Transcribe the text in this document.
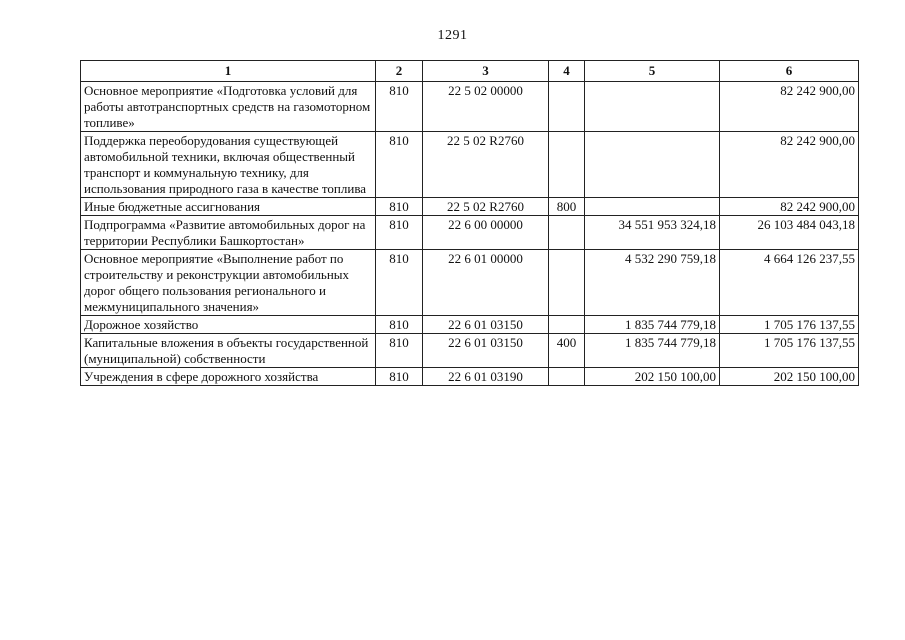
1291
1	2	3	4	5	6
Основное мероприятие «Подготовка условий для работы автотранспортных средств на газомоторном топливе»	810	22 5 02 00000			82 242 900,00
Поддержка переоборудования существующей автомобильной техники, включая общественный транспорт и коммунальную технику, для использования природного газа в качестве топлива	810	22 5 02 R2760			82 242 900,00
Иные бюджетные ассигнования	810	22 5 02 R2760	800		82 242 900,00
Подпрограмма «Развитие автомобильных дорог на территории Республики Башкортостан»	810	22 6 00 00000		34 551 953 324,18	26 103 484 043,18
Основное мероприятие «Выполнение работ по строительству и реконструкции автомобильных дорог общего пользования регионального и межмуниципального значения»	810	22 6 01 00000		4 532 290 759,18	4 664 126 237,55
Дорожное хозяйство	810	22 6 01 03150		1 835 744 779,18	1 705 176 137,55
Капитальные вложения в объекты государственной (муниципальной) собственности	810	22 6 01 03150	400	1 835 744 779,18	1 705 176 137,55
Учреждения в сфере дорожного хозяйства	810	22 6 01 03190		202 150 100,00	202 150 100,00
